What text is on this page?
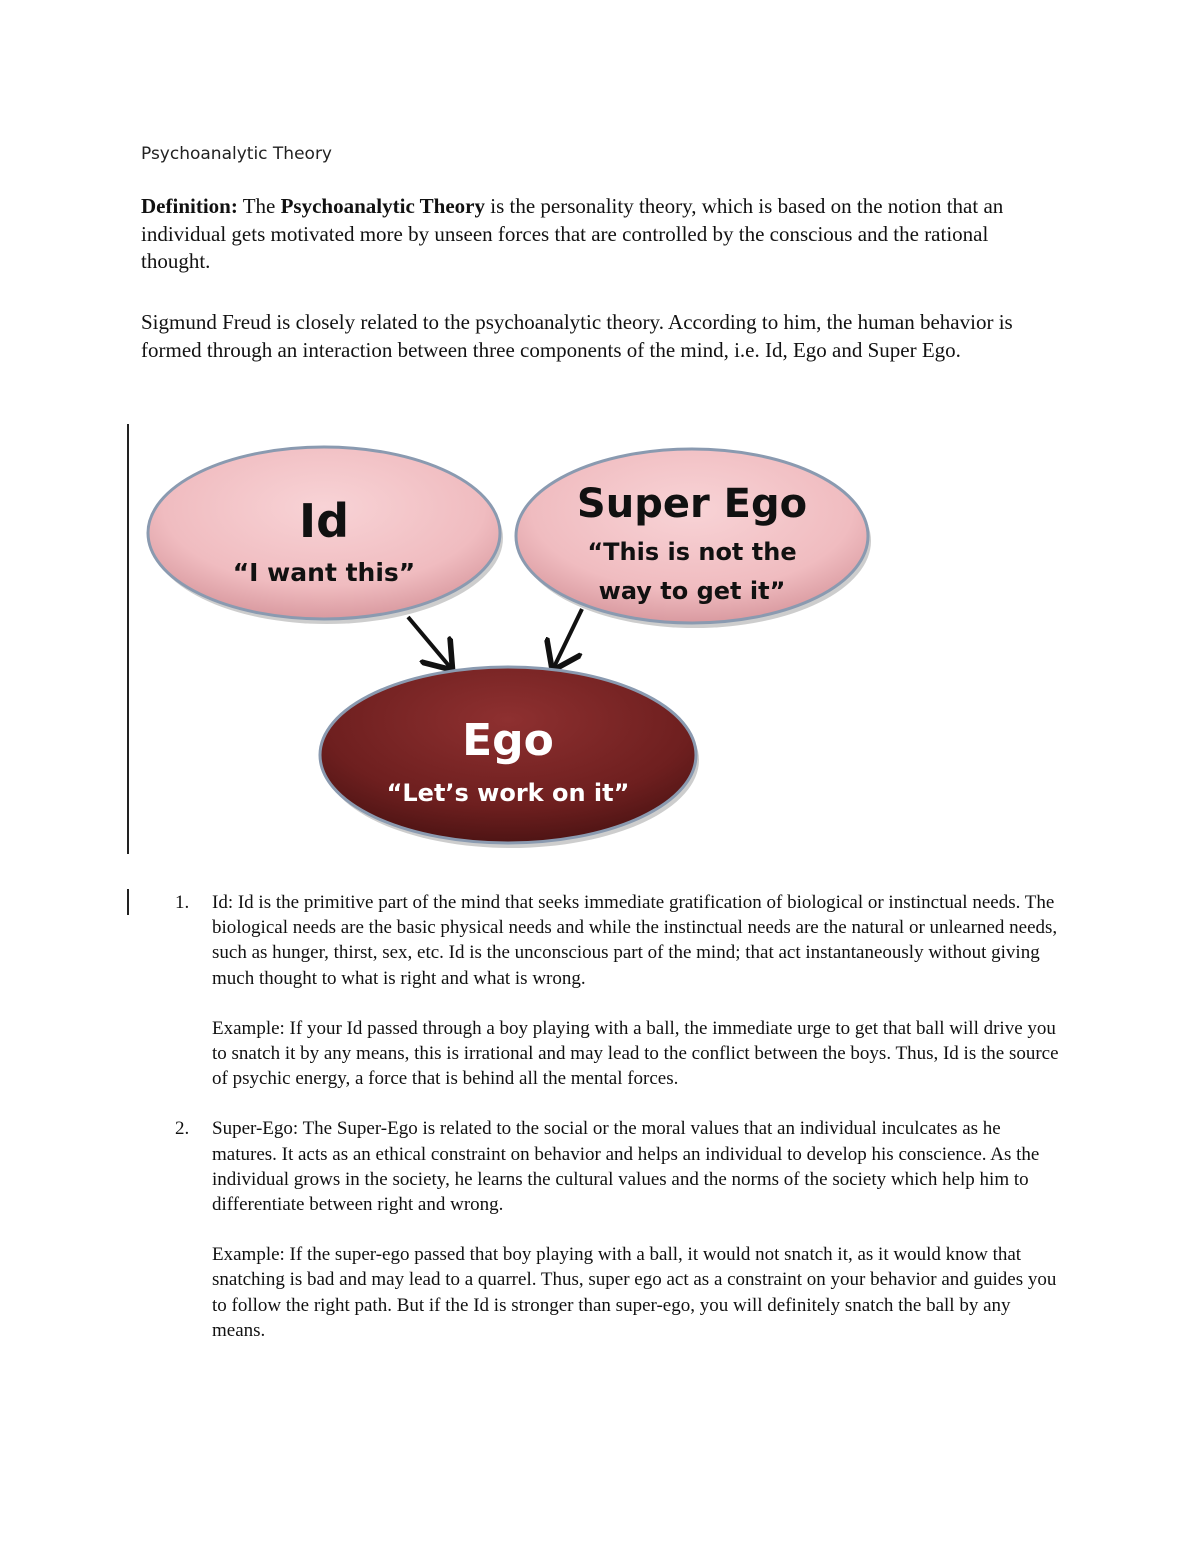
Psychoanalytic Theory
Definition: The Psychoanalytic Theory is the personality theory, which is based on the notion that an individual gets motivated more by unseen forces that are controlled by the conscious and the rational thought.
Sigmund Freud is closely related to the psychoanalytic theory. According to him, the human behavior is formed through an interaction between three components of the mind, i.e. Id, Ego and Super Ego.
Id
“I want this”
Super Ego
“This is not the
way to get it”
Ego
“Let’s work on it”
1. Id: Id is the primitive part of the mind that seeks immediate gratification of biological or instinctual needs. The biological needs are the basic physical needs and while the instinctual needs are the natural or unlearned needs, such as hunger, thirst, sex, etc. Id is the unconscious part of the mind; that act instantaneously without giving much thought to what is right and what is wrong.

Example: If your Id passed through a boy playing with a ball, the immediate urge to get that ball will drive you to snatch it by any means, this is irrational and may lead to the conflict between the boys. Thus, Id is the source of psychic energy, a force that is behind all the mental forces.

2. Super-Ego: The Super-Ego is related to the social or the moral values that an individual inculcates as he matures. It acts as an ethical constraint on behavior and helps an individual to develop his conscience. As the individual grows in the society, he learns the cultural values and the norms of the society which help him to differentiate between right and wrong.

Example: If the super-ego passed that boy playing with a ball, it would not snatch it, as it would know that snatching is bad and may lead to a quarrel. Thus, super ego act as a constraint on your behavior and guides you to follow the right path. But if the Id is stronger than super-ego, you will definitely snatch the ball by any means.
